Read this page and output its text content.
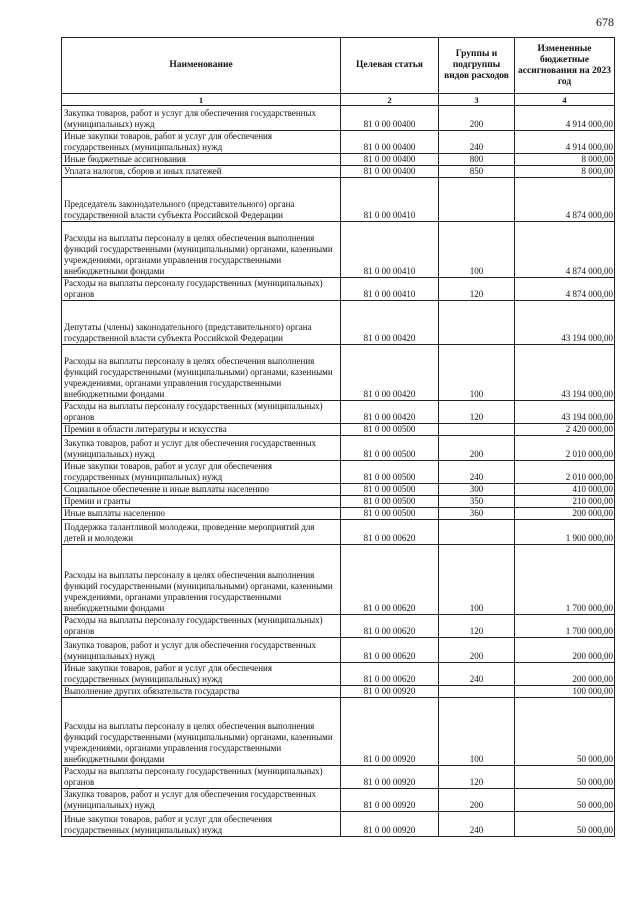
678
Наименование	Целевая статья	Группы и подгруппы видов расходов	Измененные бюджетные ассигнования на 2023 год
1	2	3	4
Закупка товаров, работ и услуг для обеспечения государственных (муниципальных) нужд	81 0 00 00400	200	4 914 000,00
Иные закупки товаров, работ и услуг для обеспечения государственных (муниципальных) нужд	81 0 00 00400	240	4 914 000,00
Иные бюджетные ассигнования	81 0 00 00400	800	8 000,00
Уплата налогов, сборов и иных платежей	81 0 00 00400	850	8 000,00
Председатель законодательного (представительного) органа государственной власти субъекта Российской Федерации	81 0 00 00410		4 874 000,00
Расходы на выплаты персоналу в целях обеспечения выполнения функций государственными (муниципальными) органами, казенными учреждениями, органами управления государственными внебюджетными фондами	81 0 00 00410	100	4 874 000,00
Расходы на выплаты персоналу государственных (муниципальных) органов	81 0 00 00410	120	4 874 000,00
Депутаты (члены) законодательного (представительного) органа государственной власти субъекта Российской Федерации	81 0 00 00420		43 194 000,00
Расходы на выплаты персоналу в целях обеспечения выполнения функций государственными (муниципальными) органами, казенными учреждениями, органами управления государственными внебюджетными фондами	81 0 00 00420	100	43 194 000,00
Расходы на выплаты персоналу государственных (муниципальных) органов	81 0 00 00420	120	43 194 000,00
Премии в области литературы и искусства	81 0 00 00500		2 420 000,00
Закупка товаров, работ и услуг для обеспечения государственных (муниципальных) нужд	81 0 00 00500	200	2 010 000,00
Иные закупки товаров, работ и услуг для обеспечения государственных (муниципальных) нужд	81 0 00 00500	240	2 010 000,00
Социальное обеспечение и иные выплаты населению	81 0 00 00500	300	410 000,00
Премии и гранты	81 0 00 00500	350	210 000,00
Иные выплаты населению	81 0 00 00500	360	200 000,00
Поддержка талантливой молодежи, проведение мероприятий для детей и молодежи	81 0 00 00620		1 900 000,00
Расходы на выплаты персоналу в целях обеспечения выполнения функций государственными (муниципальными) органами, казенными учреждениями, органами управления государственными внебюджетными фондами	81 0 00 00620	100	1 700 000,00
Расходы на выплаты персоналу государственных (муниципальных) органов	81 0 00 00620	120	1 700 000,00
Закупка товаров, работ и услуг для обеспечения государственных (муниципальных) нужд	81 0 00 00620	200	200 000,00
Иные закупки товаров, работ и услуг для обеспечения государственных (муниципальных) нужд	81 0 00 00620	240	200 000,00
Выполнение других обязательств государства	81 0 00 00920		100 000,00
Расходы на выплаты персоналу в целях обеспечения выполнения функций государственными (муниципальными) органами, казенными учреждениями, органами управления государственными внебюджетными фондами	81 0 00 00920	100	50 000,00
Расходы на выплаты персоналу государственных (муниципальных) органов	81 0 00 00920	120	50 000,00
Закупка товаров, работ и услуг для обеспечения государственных (муниципальных) нужд	81 0 00 00920	200	50 000,00
Иные закупки товаров, работ и услуг для обеспечения государственных (муниципальных) нужд	81 0 00 00920	240	50 000,00
